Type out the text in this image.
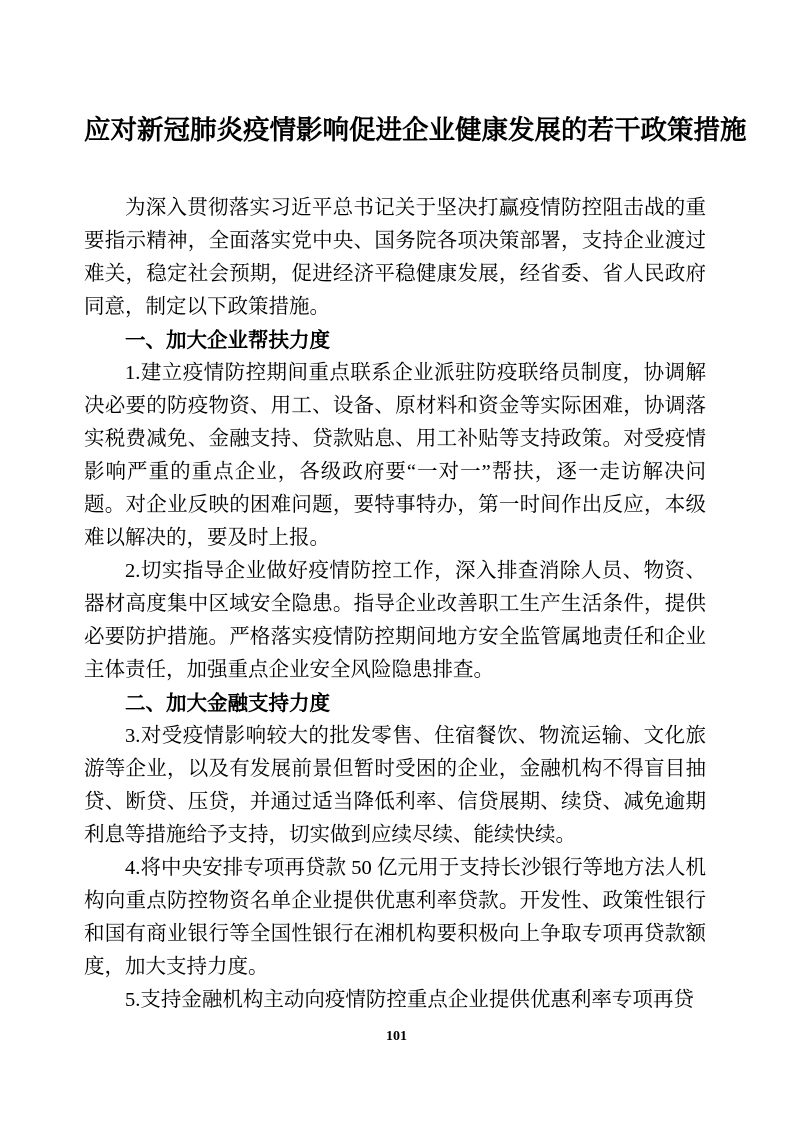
应对新冠肺炎疫情影响促进企业健康发展的若干政策措施

为深入贯彻落实习近平总书记关于坚决打赢疫情防控阻击战的重要指示精神，全面落实党中央、国务院各项决策部署，支持企业渡过难关，稳定社会预期，促进经济平稳健康发展，经省委、省人民政府同意，制定以下政策措施。

一、加大企业帮扶力度

1.建立疫情防控期间重点联系企业派驻防疫联络员制度，协调解决必要的防疫物资、用工、设备、原材料和资金等实际困难，协调落实税费减免、金融支持、贷款贴息、用工补贴等支持政策。对受疫情影响严重的重点企业，各级政府要“一对一”帮扶，逐一走访解决问题。对企业反映的困难问题，要特事特办，第一时间作出反应，本级难以解决的，要及时上报。

2.切实指导企业做好疫情防控工作，深入排查消除人员、物资、器材高度集中区域安全隐患。指导企业改善职工生产生活条件，提供必要防护措施。严格落实疫情防控期间地方安全监管属地责任和企业主体责任，加强重点企业安全风险隐患排查。

二、加大金融支持力度

3.对受疫情影响较大的批发零售、住宿餐饮、物流运输、文化旅游等企业，以及有发展前景但暂时受困的企业，金融机构不得盲目抽贷、断贷、压贷，并通过适当降低利率、信贷展期、续贷、减免逾期利息等措施给予支持，切实做到应续尽续、能续快续。

4.将中央安排专项再贷款 50 亿元用于支持长沙银行等地方法人机构向重点防控物资名单企业提供优惠利率贷款。开发性、政策性银行和国有商业银行等全国性银行在湘机构要积极向上争取专项再贷款额度，加大支持力度。

5.支持金融机构主动向疫情防控重点企业提供优惠利率专项再贷

101
